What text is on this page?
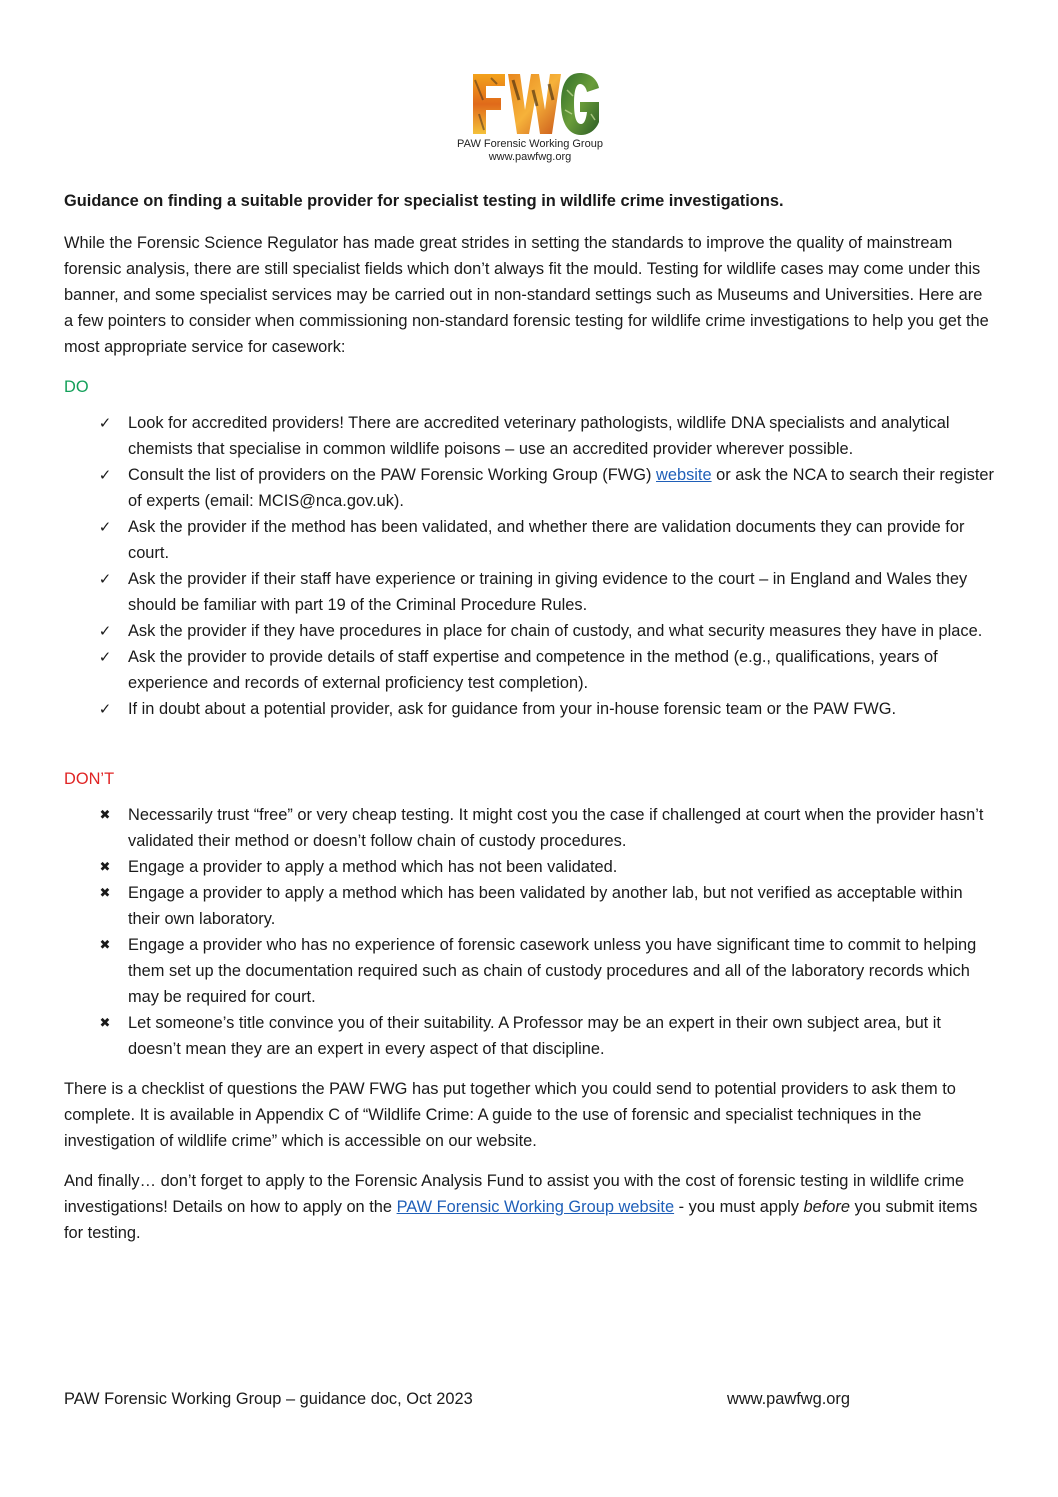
PAW Forensic Working Group
www.pawfwg.org
Guidance on finding a suitable provider for specialist testing in wildlife crime investigations.

While the Forensic Science Regulator has made great strides in setting the standards to improve the quality of mainstream forensic analysis, there are still specialist fields which don’t always fit the mould. Testing for wildlife cases may come under this banner, and some specialist services may be carried out in non-standard settings such as Museums and Universities. Here are a few pointers to consider when commissioning non-standard forensic testing for wildlife crime investigations to help you get the most appropriate service for casework:

DO
✓ Look for accredited providers! There are accredited veterinary pathologists, wildlife DNA specialists and analytical chemists that specialise in common wildlife poisons – use an accredited provider wherever possible.
✓ Consult the list of providers on the PAW Forensic Working Group (FWG) website or ask the NCA to search their register of experts (email: MCIS@nca.gov.uk).
✓ Ask the provider if the method has been validated, and whether there are validation documents they can provide for court.
✓ Ask the provider if their staff have experience or training in giving evidence to the court – in England and Wales they should be familiar with part 19 of the Criminal Procedure Rules.
✓ Ask the provider if they have procedures in place for chain of custody, and what security measures they have in place.
✓ Ask the provider to provide details of staff expertise and competence in the method (e.g., qualifications, years of experience and records of external proficiency test completion).
✓ If in doubt about a potential provider, ask for guidance from your in-house forensic team or the PAW FWG.
DON’T
✖ Necessarily trust “free” or very cheap testing. It might cost you the case if challenged at court when the provider hasn’t validated their method or doesn’t follow chain of custody procedures.
✖ Engage a provider to apply a method which has not been validated.
✖ Engage a provider to apply a method which has been validated by another lab, but not verified as acceptable within their own laboratory.
✖ Engage a provider who has no experience of forensic casework unless you have significant time to commit to helping them set up the documentation required such as chain of custody procedures and all of the laboratory records which may be required for court.
✖ Let someone’s title convince you of their suitability. A Professor may be an expert in their own subject area, but it doesn’t mean they are an expert in every aspect of that discipline.

There is a checklist of questions the PAW FWG has put together which you could send to potential providers to ask them to complete. It is available in Appendix C of “Wildlife Crime: A guide to the use of forensic and specialist techniques in the investigation of wildlife crime” which is accessible on our website.

And finally… don’t forget to apply to the Forensic Analysis Fund to assist you with the cost of forensic testing in wildlife crime investigations! Details on how to apply on the PAW Forensic Working Group website - you must apply before you submit items for testing.

PAW Forensic Working Group – guidance doc, Oct 2023	www.pawfwg.org
